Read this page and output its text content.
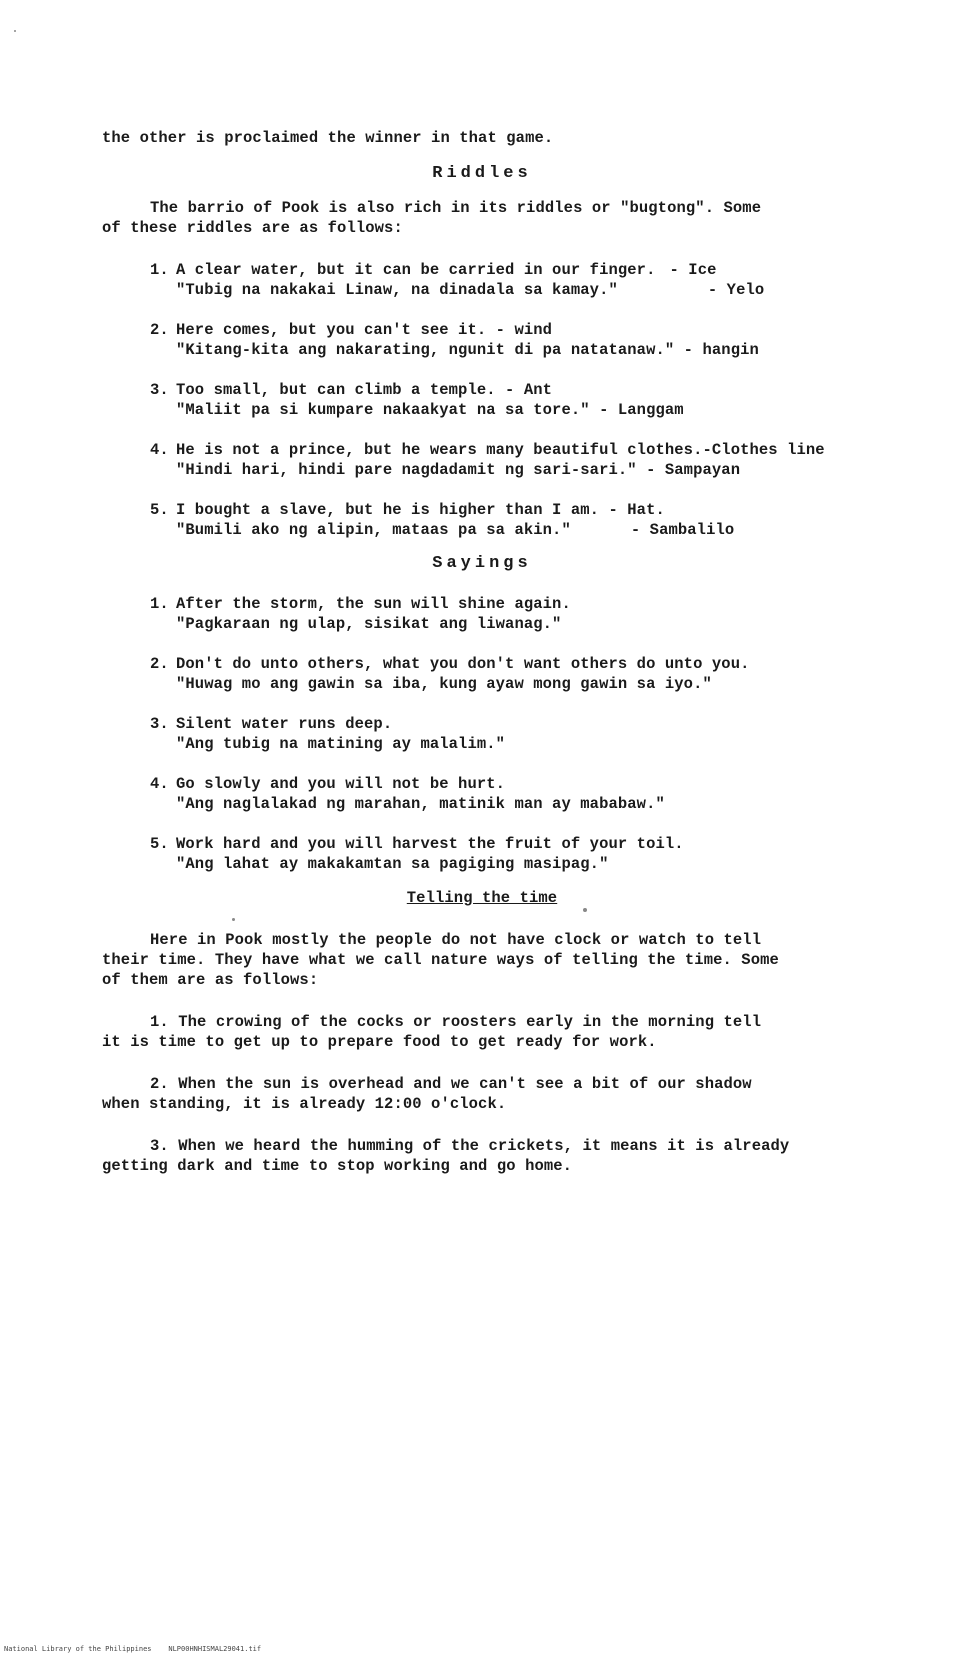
the other is proclaimed the winner in that game.

Riddles

The barrio of Pook is also rich in its riddles or "bugtong". Some

of these riddles are as follows:

1. A clear water, but it can be carried in our finger. - Ice
"Tubig na nakakai Linaw, na dinadala sa kamay."	- Yelo
2. Here comes, but you can't see it. - wind
"Kitang-kita ang nakarating, ngunit di pa natatanaw." - hangin
3. Too small, but can climb a temple. - Ant
"Maliit pa si kumpare nakaakyat na sa tore." - Langgam
4. He is not a prince, but he wears many beautiful clothes.-Clothes line
"Hindi hari, hindi pare nagdadamit ng sari-sari." - Sampayan
5. I bought a slave, but he is higher than I am. - Hat.
"Bumili ako ng alipin, mataas pa sa akin."	- Sambalilo
Sayings
1. After the storm, the sun will shine again.
"Pagkaraan ng ulap, sisikat ang liwanag."
2. Don't do unto others, what you don't want others do unto you.
"Huwag mo ang gawin sa iba, kung ayaw mong gawin sa iyo."
3. Silent water runs deep.
"Ang tubig na matining ay malalim."
4. Go slowly and you will not be hurt.
"Ang naglalakad ng marahan, matinik man ay mababaw."
5. Work hard and you will harvest the fruit of your toil.
"Ang lahat ay makakamtan sa pagiging masipag."
Telling the time

Here in Pook mostly the people do not have clock or watch to tell

their time. They have what we call nature ways of telling the time. Some

of them are as follows:

1. The crowing of the cocks or roosters early in the morning tell

it is time to get up to prepare food to get ready for work.

2. When the sun is overhead and we can't see a bit of our shadow

when standing, it is already 12:00 o'clock.

3. When we heard the humming of the crickets, it means it is already

getting dark and time to stop working and go home.

National Library of the Philippines NLP00HNHISMAL29041.tif
